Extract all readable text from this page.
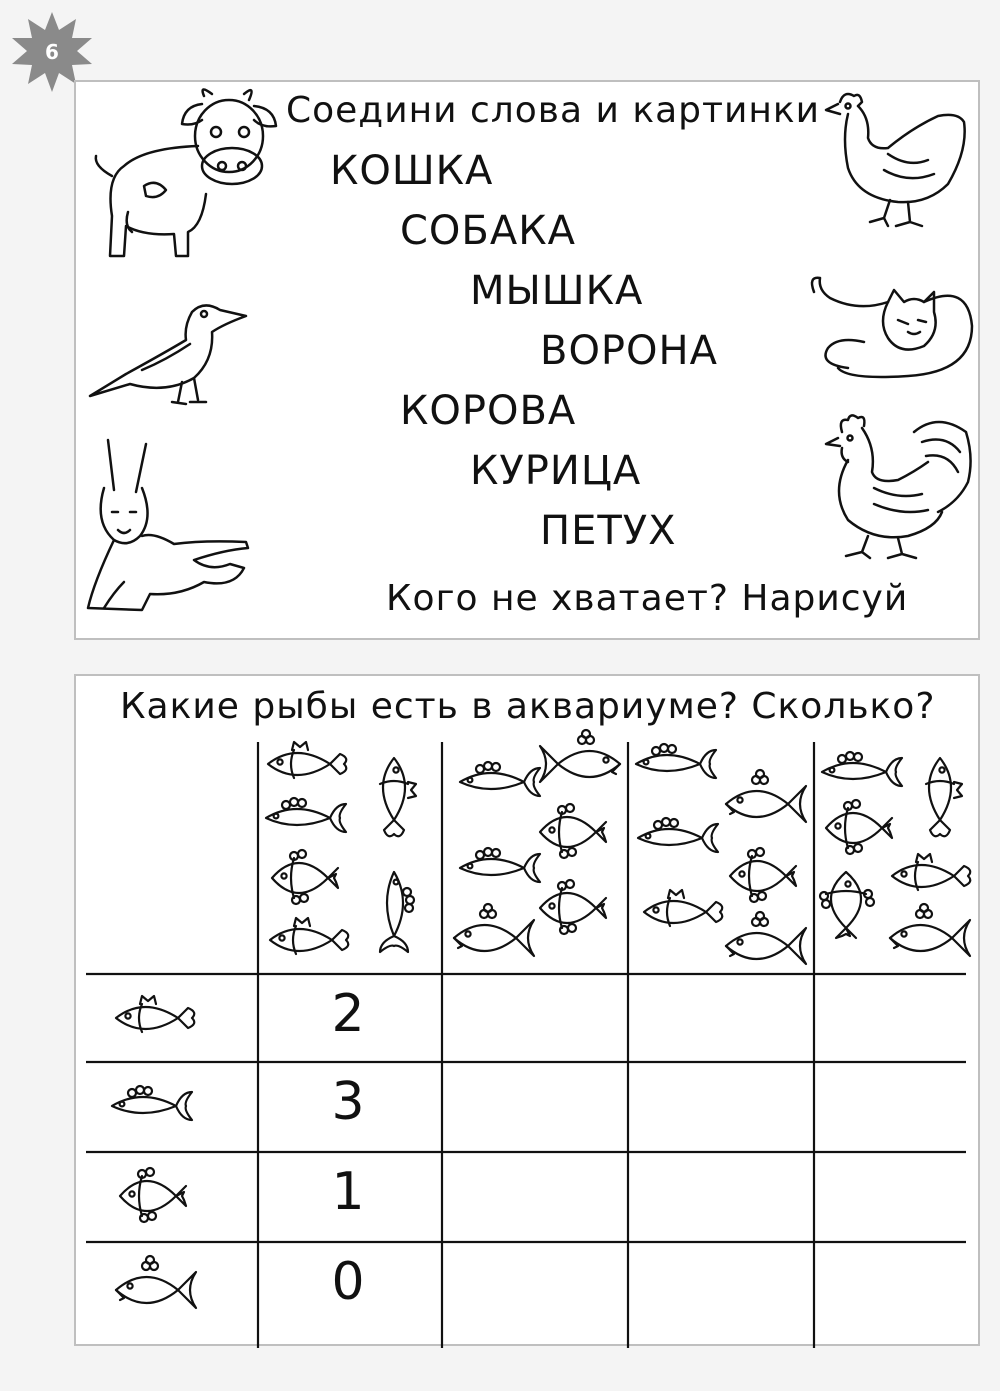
6
Соедини слова и картинки
КОШКА
СОБАКА
МЫШКА
ВОРОНА
КОРОВА
КУРИЦА
ПЕТУХ
Кого не хватает? Нарисуй
Какие рыбы есть в аквариуме? Сколько?
2
3
1
0
